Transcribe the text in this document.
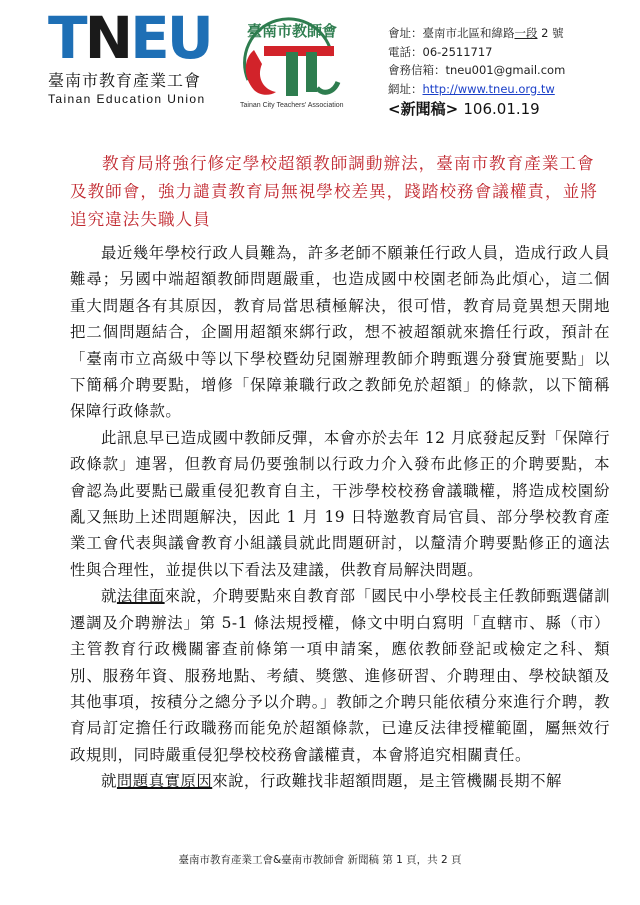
TNEU
臺南市教育產業工會
Tainan Education Union
臺南市教師會
Tainan City Teachers' Association
會址：臺南市北區和緯路一段 2 號
電話：06-2511717
會務信箱：tneu001@gmail.com
網址：http://www.tneu.org.tw
<新聞稿> 106.01.19
教育局將強行修定學校超額教師調動辦法，臺南市教育產業工會及教師會，強力譴責教育局無視學校差異，踐踏校務會議權責，並將追究違法失職人員

最近幾年學校行政人員難為，許多老師不願兼任行政人員，造成行政人員難尋；另國中端超額教師問題嚴重，也造成國中校園老師為此煩心，這二個重大問題各有其原因，教育局當思積極解決，很可惜，教育局竟異想天開地把二個問題結合，企圖用超額來綁行政，想不被超額就來擔任行政，預計在「臺南市立高級中等以下學校暨幼兒園辦理教師介聘甄選分發實施要點」以下簡稱介聘要點，增修「保障兼職行政之教師免於超額」的條款，以下簡稱保障行政條款。

此訊息早已造成國中教師反彈，本會亦於去年 12 月底發起反對「保障行政條款」連署，但教育局仍要強制以行政力介入發布此修正的介聘要點，本會認為此要點已嚴重侵犯教育自主，干涉學校校務會議職權，將造成校園紛亂又無助上述問題解決，因此 1 月 19 日特邀教育局官員、部分學校教育產業工會代表與議會教育小組議員就此問題研討，以釐清介聘要點修正的適法性與合理性，並提供以下看法及建議，供教育局解決問題。

就法律面來說，介聘要點來自教育部「國民中小學校長主任教師甄選儲訓遷調及介聘辦法」第 5-1 條法規授權，條文中明白寫明「直轄市、縣（市）主管教育行政機關審查前條第一項申請案，應依教師登記或檢定之科、類別、服務年資、服務地點、考績、獎懲、進修研習、介聘理由、學校缺額及其他事項，按積分之總分予以介聘。」教師之介聘只能依積分來進行介聘，教育局訂定擔任行政職務而能免於超額條款，已違反法律授權範圍，屬無效行政規則，同時嚴重侵犯學校校務會議權責，本會將追究相關責任。

就問題真實原因來說，行政難找非超額問題，是主管機關長期不解

臺南市教育產業工會&臺南市教師會 新聞稿 第 1 頁，共 2 頁
